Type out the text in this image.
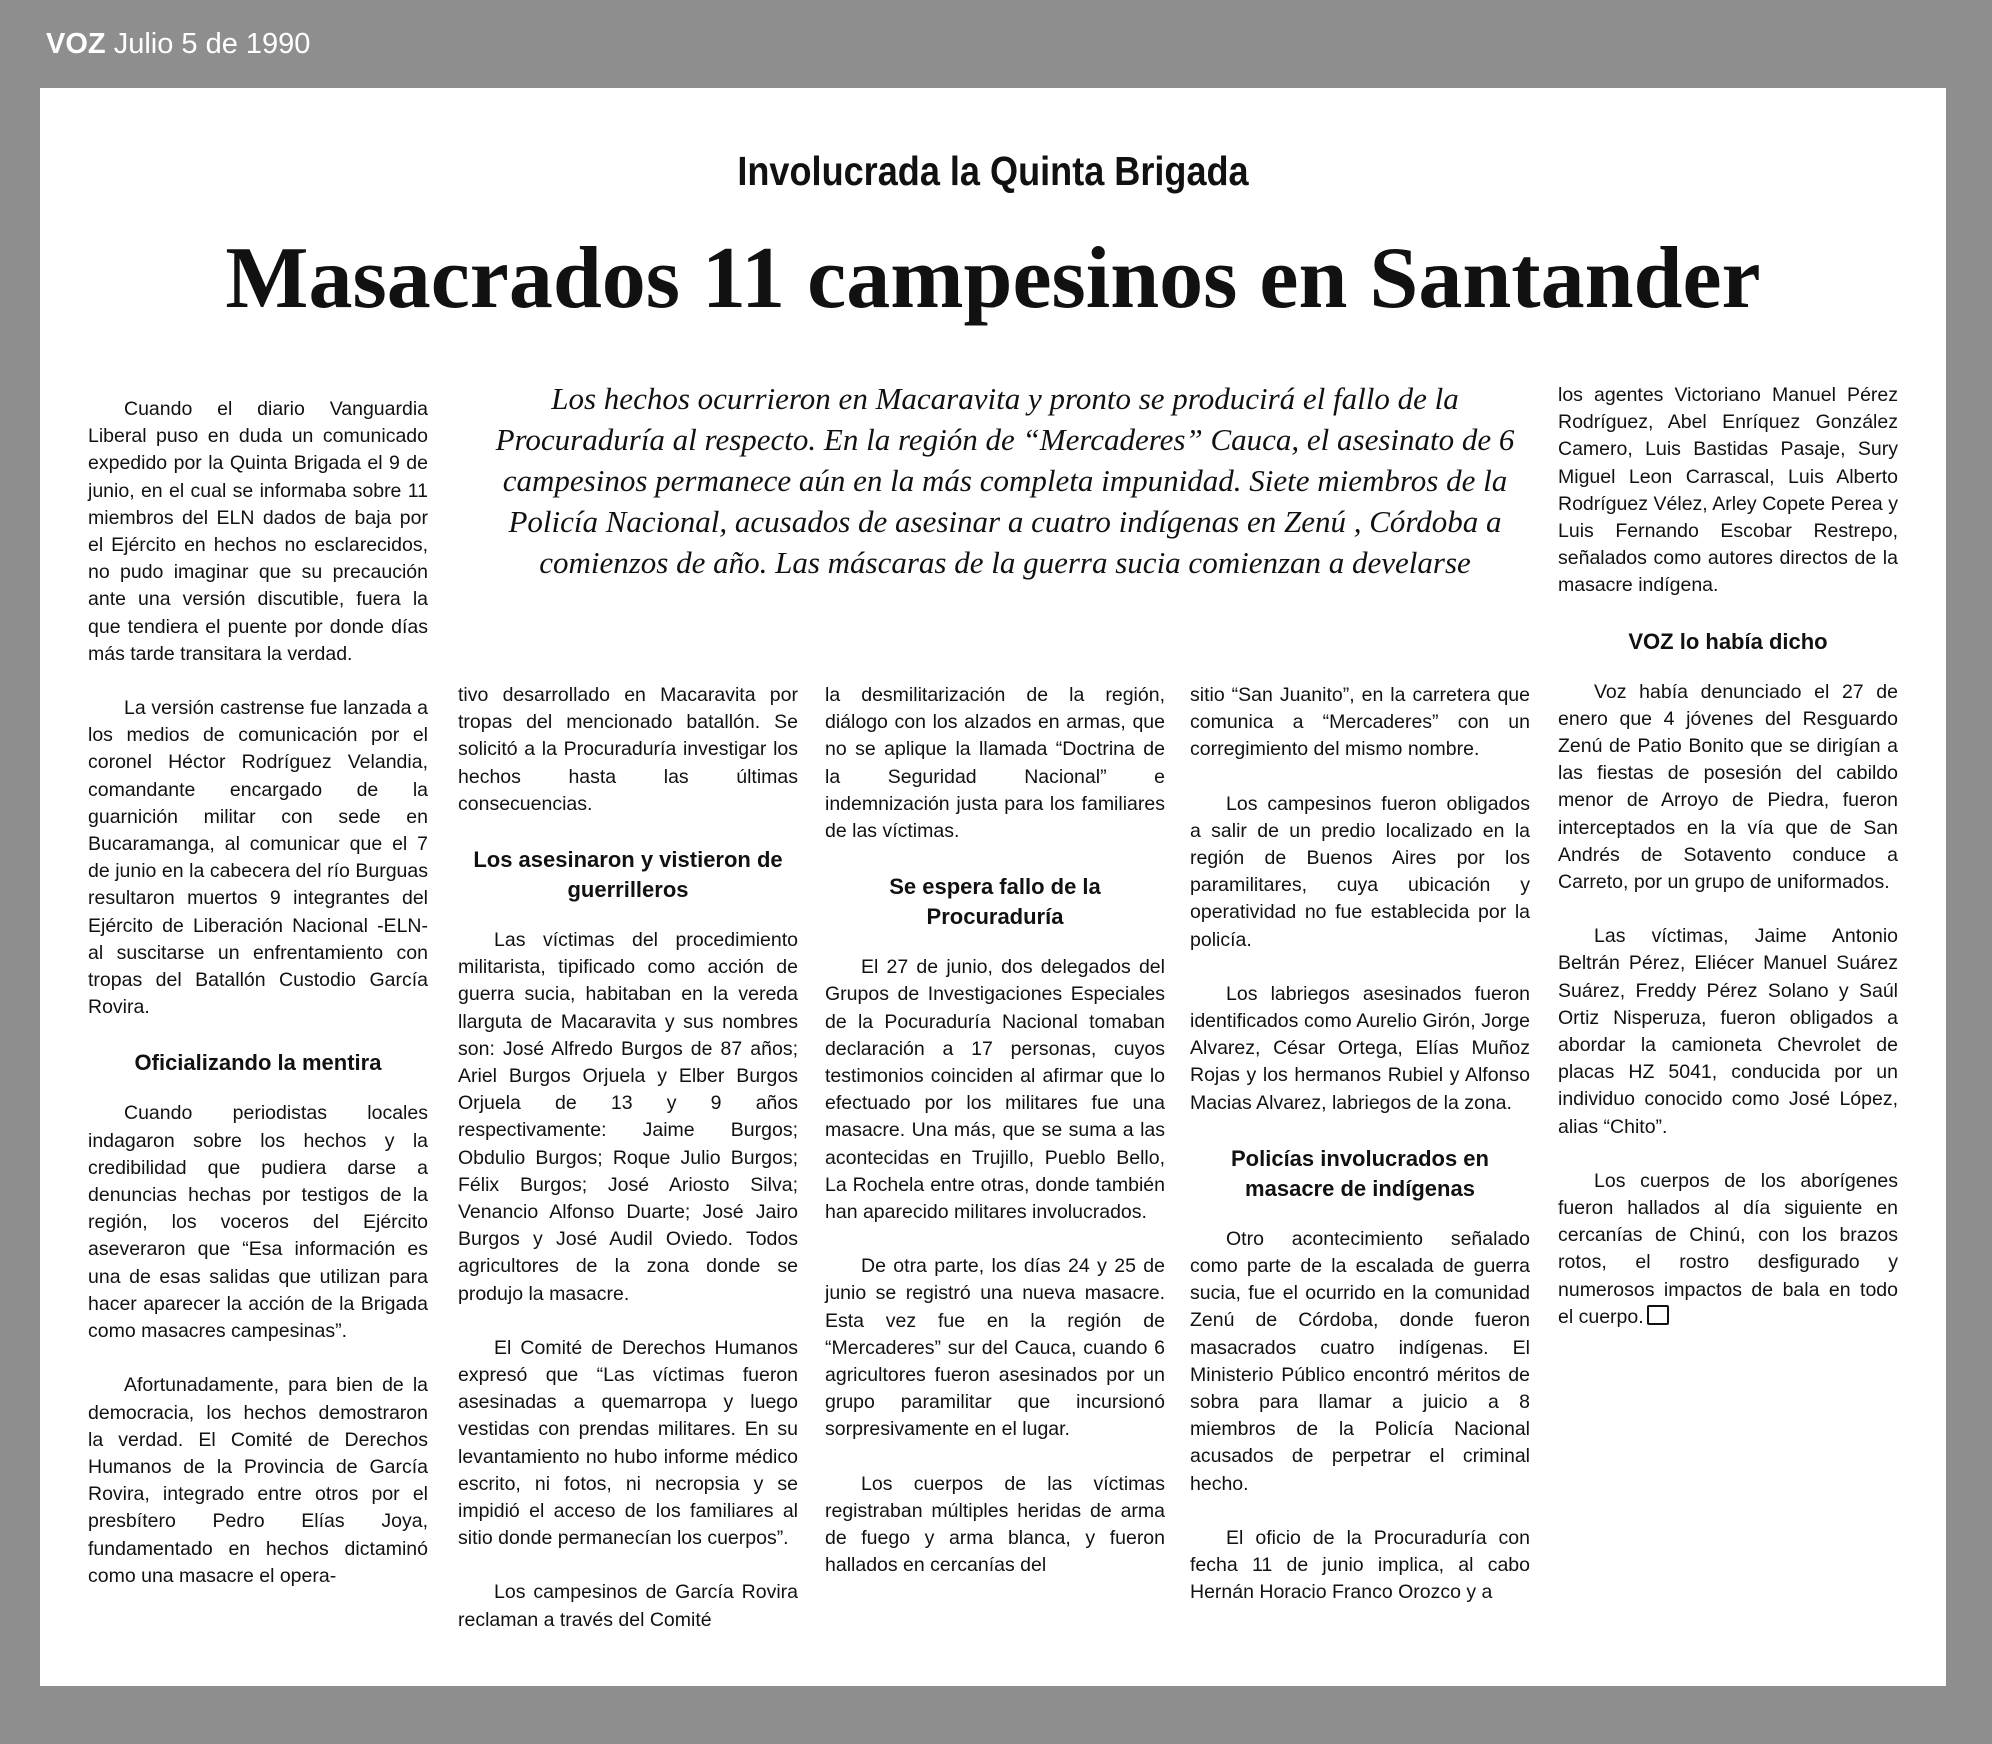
VOZ Julio 5 de 1990
Involucrada la Quinta Brigada
Masacrados 11 campesinos en Santander
Los hechos ocurrieron en Macaravita y pronto se producirá el fallo de la Procuraduría al respecto. En la región de “Mercaderes” Cauca, el asesinato de 6 campesinos permanece aún en la más completa impunidad. Siete miembros de la Policía Nacional, acusados de asesinar a cuatro indígenas en Zenú , Córdoba a comienzos de año. Las máscaras de la guerra sucia comienzan a develarse

Cuando el diario Vanguardia Liberal puso en duda un comunicado expedido por la Quinta Brigada el 9 de junio, en el cual se informaba sobre 11 miembros del ELN dados de baja por el Ejército en hechos no esclarecidos, no pudo imaginar que su precaución ante una versión discutible, fuera la que tendiera el puente por donde días más tarde transitara la verdad.

La versión castrense fue lanzada a los medios de comunicación por el coronel Héctor Rodríguez Velandia, comandante encargado de la guarnición militar con sede en Bucaramanga, al comunicar que el 7 de junio en la cabecera del río Burguas resultaron muertos 9 integrantes del Ejército de Liberación Nacional -ELN- al suscitarse un enfrentamiento con tropas del Batallón Custodio García Rovira.

Oficializando la mentira

Cuando periodistas locales indagaron sobre los hechos y la credibilidad que pudiera darse a denuncias hechas por testigos de la región, los voceros del Ejército aseveraron que “Esa información es una de esas salidas que utilizan para hacer aparecer la acción de la Brigada como masacres campesinas”.

Afortunadamente, para bien de la democracia, los hechos demostraron la verdad. El Comité de Derechos Humanos de la Provincia de García Rovira, integrado entre otros por el presbítero Pedro Elías Joya, fundamentado en hechos dictaminó como una masacre el opera-

tivo desarrollado en Macaravita por tropas del mencionado batallón. Se solicitó a la Procuraduría investigar los hechos hasta las últimas consecuencias.

Los asesinaron y vistieron de guerrilleros

Las víctimas del procedimiento militarista, tipificado como acción de guerra sucia, habitaban en la vereda llarguta de Macaravita y sus nombres son: José Alfredo Burgos de 87 años; Ariel Burgos Orjuela y Elber Burgos Orjuela de 13 y 9 años respectivamente: Jaime Burgos; Obdulio Burgos; Roque Julio Burgos; Félix Burgos; José Ariosto Silva; Venancio Alfonso Duarte; José Jairo Burgos y José Audil Oviedo. Todos agricultores de la zona donde se produjo la masacre.

El Comité de Derechos Humanos expresó que “Las víctimas fueron asesinadas a quemarropa y luego vestidas con prendas militares. En su levantamiento no hubo informe médico escrito, ni fotos, ni necropsia y se impidió el acceso de los familiares al sitio donde permanecían los cuerpos”.

Los campesinos de García Rovira reclaman a través del Comité

la desmilitarización de la región, diálogo con los alzados en armas, que no se aplique la llamada “Doctrina de la Seguridad Nacional” e indemnización justa para los familiares de las víctimas.

Se espera fallo de la Procuraduría

El 27 de junio, dos delegados del Grupos de Investigaciones Especiales de la Pocuraduría Nacional tomaban declaración a 17 personas, cuyos testimonios coinciden al afirmar que lo efectuado por los militares fue una masacre. Una más, que se suma a las acontecidas en Trujillo, Pueblo Bello, La Rochela entre otras, donde también han aparecido militares involucrados.

De otra parte, los días 24 y 25 de junio se registró una nueva masacre. Esta vez fue en la región de “Mercaderes” sur del Cauca, cuando 6 agricultores fueron asesinados por un grupo paramilitar que incursionó sorpresivamente en el lugar.

Los cuerpos de las víctimas registraban múltiples heridas de arma de fuego y arma blanca, y fueron hallados en cercanías del

sitio “San Juanito”, en la carretera que comunica a “Mercaderes” con un corregimiento del mismo nombre.

Los campesinos fueron obligados a salir de un predio localizado en la región de Buenos Aires por los paramilitares, cuya ubicación y operatividad no fue establecida por la policía.

Los labriegos asesinados fueron identificados como Aurelio Girón, Jorge Alvarez, César Ortega, Elías Muñoz Rojas y los hermanos Rubiel y Alfonso Macias Alvarez, labriegos de la zona.

Policías involucrados en masacre de indígenas

Otro acontecimiento señalado como parte de la escalada de guerra sucia, fue el ocurrido en la comunidad Zenú de Córdoba, donde fueron masacrados cuatro indígenas. El Ministerio Público encontró méritos de sobra para llamar a juicio a 8 miembros de la Policía Nacional acusados de perpetrar el criminal hecho.

El oficio de la Procuraduría con fecha 11 de junio implica, al cabo Hernán Horacio Franco Orozco y a

los agentes Victoriano Manuel Pérez Rodríguez, Abel Enríquez González Camero, Luis Bastidas Pasaje, Sury Miguel Leon Carrascal, Luis Alberto Rodríguez Vélez, Arley Copete Perea y Luis Fernando Escobar Restrepo, señalados como autores directos de la masacre indígena.

VOZ lo había dicho

Voz había denunciado el 27 de enero que 4 jóvenes del Resguardo Zenú de Patio Bonito que se dirigían a las fiestas de posesión del cabildo menor de Arroyo de Piedra, fueron interceptados en la vía que de San Andrés de Sotavento conduce a Carreto, por un grupo de uniformados.

Las víctimas, Jaime Antonio Beltrán Pérez, Eliécer Manuel Suárez Suárez, Freddy Pérez Solano y Saúl Ortiz Nisperuza, fueron obligados a abordar la camioneta Chevrolet de placas HZ 5041, conducida por un individuo conocido como José López, alias “Chito”.

Los cuerpos de los aborígenes fueron hallados al día siguiente en cercanías de Chinú, con los brazos rotos, el rostro desfigurado y numerosos impactos de bala en todo el cuerpo.
